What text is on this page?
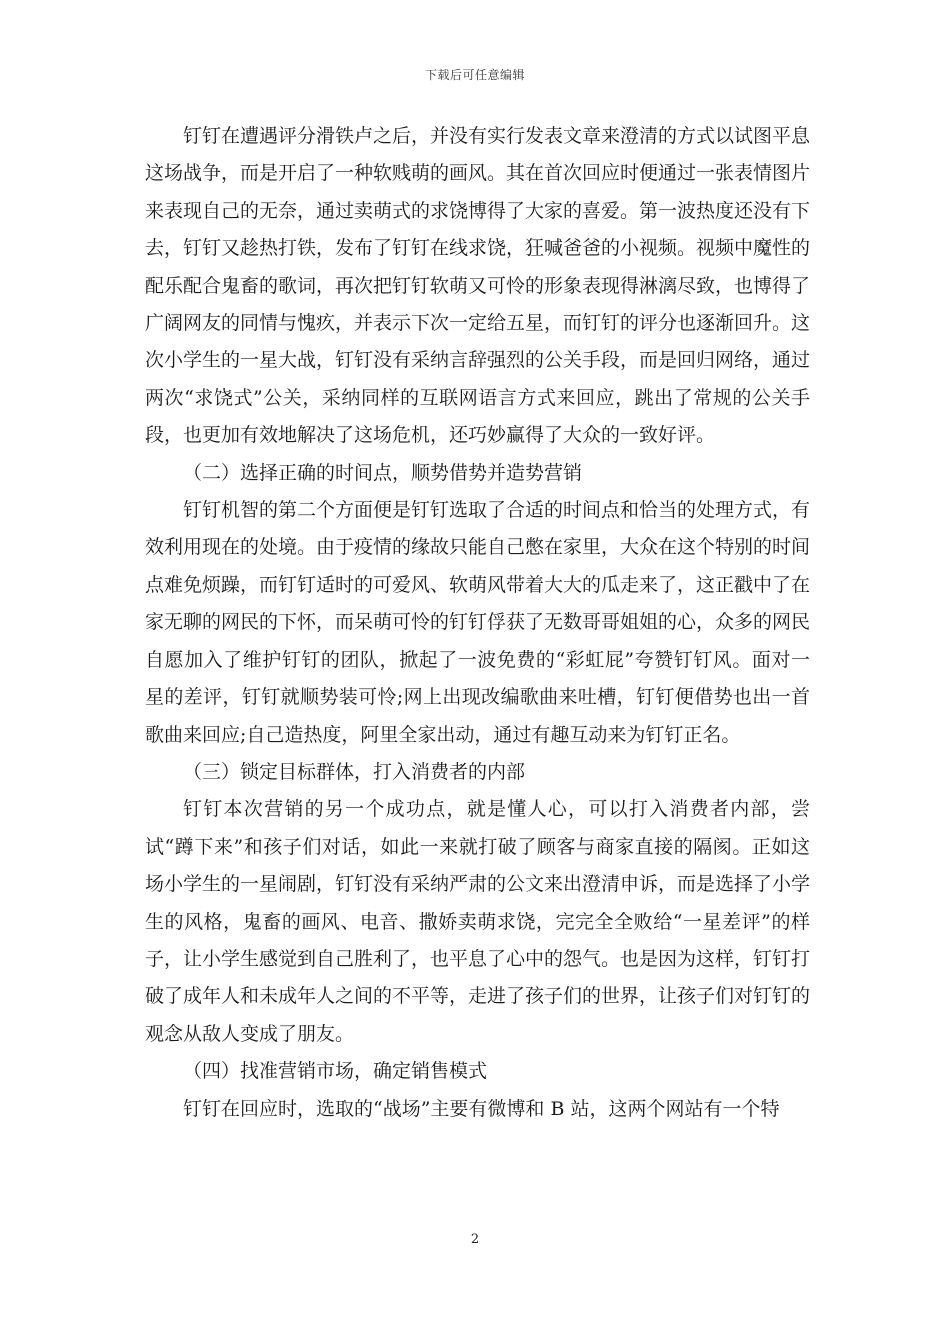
下载后可任意编辑

钉钉在遭遇评分滑铁卢之后，并没有实行发表文章来澄清的方式以试图平息这场战争，而是开启了一种软贱萌的画风。其在首次回应时便通过一张表情图片来表现自己的无奈，通过卖萌式的求饶博得了大家的喜爱。第一波热度还没有下去，钉钉又趁热打铁，发布了钉钉在线求饶，狂喊爸爸的小视频。视频中魔性的配乐配合鬼畜的歌词，再次把钉钉软萌又可怜的形象表现得淋漓尽致，也博得了广阔网友的同情与愧疚，并表示下次一定给五星，而钉钉的评分也逐渐回升。这次小学生的一星大战，钉钉没有采纳言辞强烈的公关手段，而是回归网络，通过两次“求饶式”公关，采纳同样的互联网语言方式来回应，跳出了常规的公关手段，也更加有效地解决了这场危机，还巧妙赢得了大众的一致好评。

（二）选择正确的时间点，顺势借势并造势营销

钉钉机智的第二个方面便是钉钉选取了合适的时间点和恰当的处理方式，有效利用现在的处境。由于疫情的缘故只能自己憋在家里，大众在这个特别的时间点难免烦躁，而钉钉适时的可爱风、软萌风带着大大的瓜走来了，这正戳中了在家无聊的网民的下怀，而呆萌可怜的钉钉俘获了无数哥哥姐姐的心，众多的网民自愿加入了维护钉钉的团队，掀起了一波免费的“彩虹屁”夸赞钉钉风。面对一星的差评，钉钉就顺势装可怜;网上出现改编歌曲来吐槽，钉钉便借势也出一首歌曲来回应;自己造热度，阿里全家出动，通过有趣互动来为钉钉正名。

（三）锁定目标群体，打入消费者的内部

钉钉本次营销的另一个成功点，就是懂人心，可以打入消费者内部，尝试“蹲下来”和孩子们对话，如此一来就打破了顾客与商家直接的隔阂。正如这场小学生的一星闹剧，钉钉没有采纳严肃的公文来出澄清申诉，而是选择了小学生的风格，鬼畜的画风、电音、撒娇卖萌求饶，完完全全败给“一星差评”的样子，让小学生感觉到自己胜利了，也平息了心中的怨气。也是因为这样，钉钉打破了成年人和未成年人之间的不平等，走进了孩子们的世界，让孩子们对钉钉的观念从敌人变成了朋友。

（四）找准营销市场，确定销售模式

钉钉在回应时，选取的“战场”主要有微博和 B 站，这两个网站有一个特

2
